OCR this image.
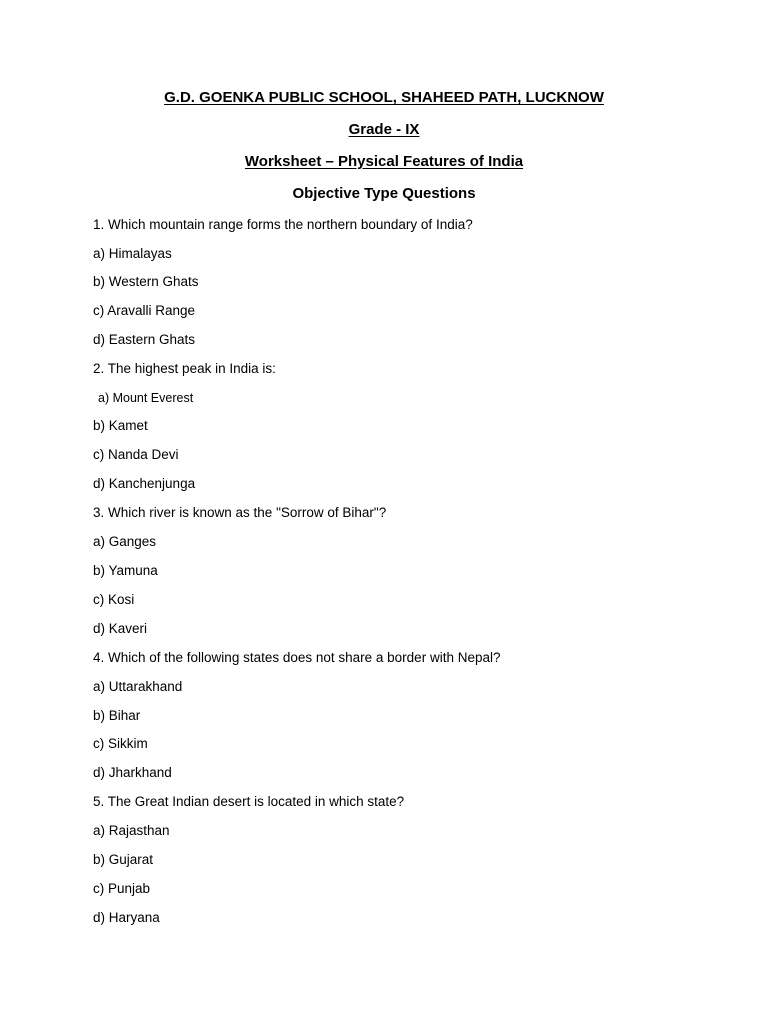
G.D. GOENKA PUBLIC SCHOOL, SHAHEED PATH, LUCKNOW
Grade - IX
Worksheet – Physical Features of India
Objective Type Questions
1. Which mountain range forms the northern boundary of India?
a) Himalayas
b) Western Ghats
c) Aravalli Range
d) Eastern Ghats
2. The highest peak in India is:
a) Mount Everest
b) Kamet
c) Nanda Devi
d) Kanchenjunga
3. Which river is known as the "Sorrow of Bihar"?
a) Ganges
b) Yamuna
c) Kosi
d) Kaveri
4. Which of the following states does not share a border with Nepal?
a) Uttarakhand
b) Bihar
c) Sikkim
d) Jharkhand
5. The Great Indian desert is located in which state?
a) Rajasthan
b) Gujarat
c) Punjab
d) Haryana
